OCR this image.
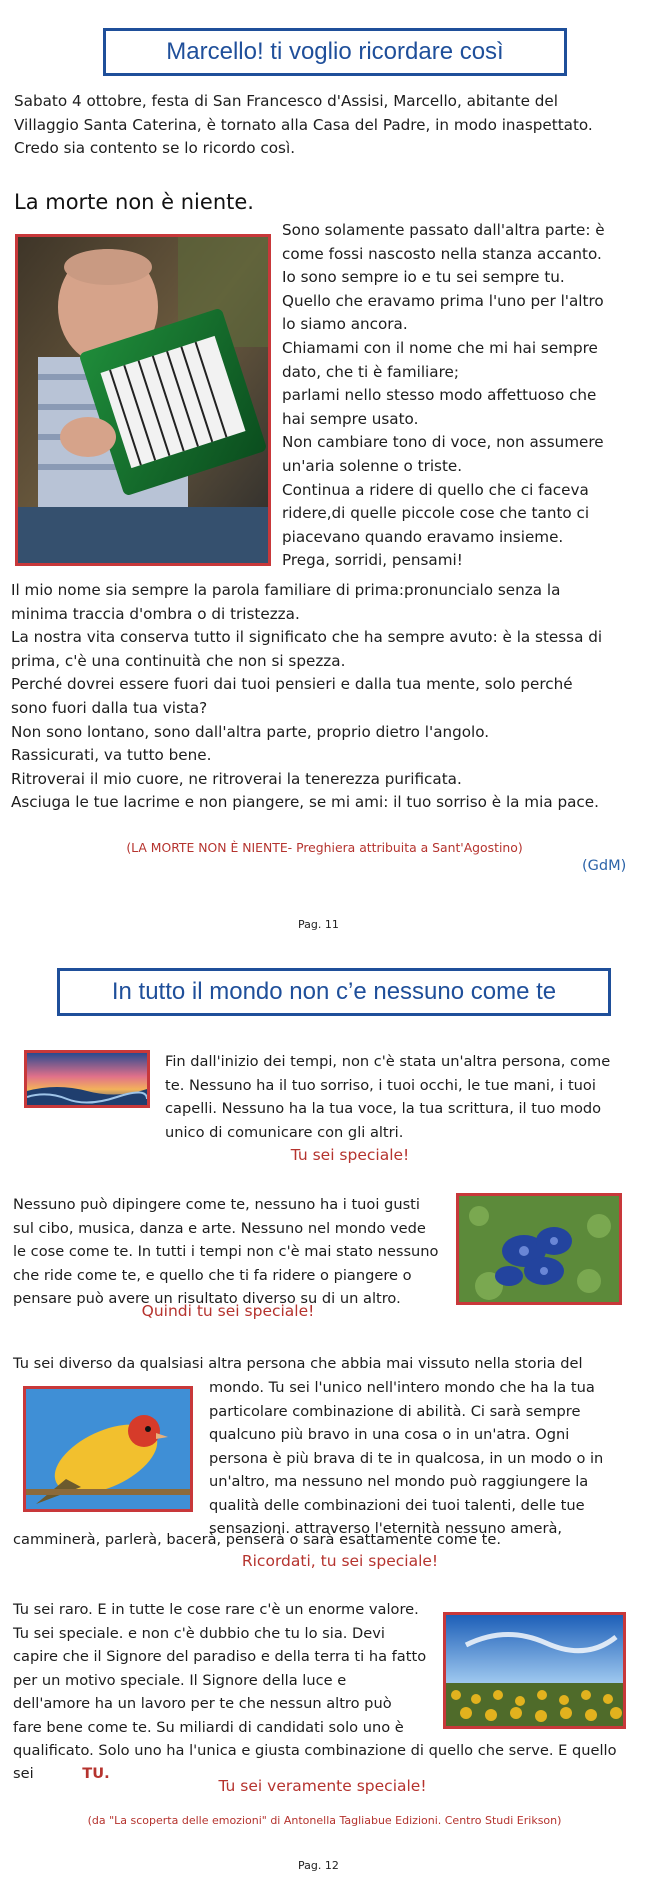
Marcello! ti voglio ricordare così
Sabato 4 ottobre, festa di San Francesco d'Assisi, Marcello, abitante del
Villaggio Santa Caterina, è tornato alla Casa del Padre, in modo inaspettato.
Credo sia contento se lo ricordo così.
La morte non è niente.
Sono solamente passato dall'altra parte: è
come fossi nascosto nella stanza accanto.
Io sono sempre io e tu sei sempre tu.
Quello che eravamo prima l'uno per l'altro
lo siamo ancora.
Chiamami con il nome che mi hai sempre
dato, che ti è familiare;
parlami nello stesso modo affettuoso che
hai sempre usato.
Non cambiare tono di voce, non assumere
un'aria solenne o triste.
Continua a ridere di quello che ci faceva
ridere,di quelle piccole cose che tanto ci
piacevano quando eravamo insieme.
Prega, sorridi, pensami!
Il mio nome sia sempre la parola familiare di prima:pronuncialo senza la
minima traccia d'ombra o di tristezza.
La nostra vita conserva tutto il significato che ha sempre avuto: è la stessa di
prima, c'è una continuità che non si spezza.
Perché dovrei essere fuori dai tuoi pensieri e dalla tua mente, solo perché
sono fuori dalla tua vista?
Non sono lontano, sono dall'altra parte, proprio dietro l'angolo.
Rassicurati, va tutto bene.
Ritroverai il mio cuore, ne ritroverai la tenerezza purificata.
Asciuga le tue lacrime e non piangere, se mi ami: il tuo sorriso è la mia pace.
(LA MORTE NON È NIENTE- Preghiera attribuita a Sant'Agostino)
(GdM)
Pag. 11
In tutto il mondo non c’e nessuno come te
Fin dall'inizio dei tempi, non c'è stata un'altra persona, come
te. Nessuno ha il tuo sorriso, i tuoi occhi, le tue mani, i tuoi
capelli. Nessuno ha la tua voce, la tua scrittura, il tuo modo
unico di comunicare con gli altri.
Tu sei speciale!
Nessuno può dipingere come te, nessuno ha i tuoi gusti
sul cibo, musica, danza e arte. Nessuno nel mondo vede
le cose come te. In tutti i tempi non c'è mai stato nessuno
che ride come te, e quello che ti fa ridere o piangere o
pensare può avere un risultato diverso su di un altro.
Quindi tu sei speciale!
Tu sei diverso da qualsiasi altra persona che abbia mai vissuto nella storia del
mondo. Tu sei l'unico nell'intero mondo che ha la tua
particolare combinazione di abilità. Ci sarà sempre
qualcuno più bravo in una cosa o in un'atra. Ogni
persona è più brava di te in qualcosa, in un modo o in
un'altro, ma nessuno nel mondo può raggiungere la
qualità delle combinazioni dei tuoi talenti, delle tue
sensazioni. attraverso l'eternità nessuno amerà,
camminerà, parlerà, bacerà, penserà o sarà esattamente come te.
Ricordati, tu sei speciale!
Tu sei raro. E in tutte le cose rare c'è un enorme valore.
Tu sei speciale. e non c'è dubbio che tu lo sia. Devi
capire che il Signore del paradiso e della terra ti ha fatto
per un motivo speciale. Il Signore della luce e
dell'amore ha un lavoro per te che nessun altro può
fare bene come te. Su miliardi di candidati solo uno è
qualificato. Solo uno ha l'unica e giusta combinazione di quello che serve. E quello
sei	TU.
Tu sei veramente speciale!
(da "La scoperta delle emozioni" di Antonella Tagliabue Edizioni. Centro Studi Erikson)
Pag. 12
